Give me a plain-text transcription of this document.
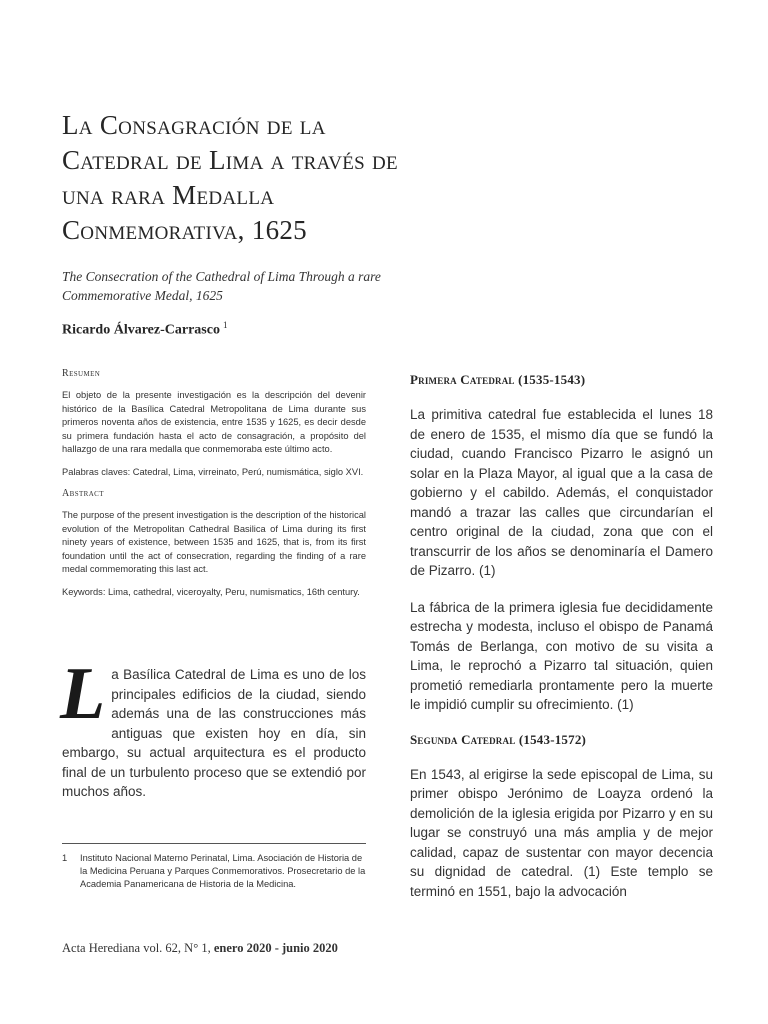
La Consagración de la Catedral de Lima a través de una rara Medalla Conmemorativa, 1625
The Consecration of the Cathedral of Lima Through a rare Commemorative Medal, 1625
Ricardo Álvarez-Carrasco $^1$
Resumen

El objeto de la presente investigación es la descripción del devenir histórico de la Basílica Catedral Metropolitana de Lima durante sus primeros noventa años de existencia, entre 1535 y 1625, es decir desde su primera fundación hasta el acto de consagración, a propósito del hallazgo de una rara medalla que conmemoraba este último acto.

Palabras claves: Catedral, Lima, virreinato, Perú, numismática, siglo XVI.

Abstract

The purpose of the present investigation is the description of the historical evolution of the Metropolitan Cathedral Basilica of Lima during its first ninety years of existence, between 1535 and 1625, that is, from its first foundation until the act of consecration, regarding the finding of a rare medal commemorating this last act.

Keywords: Lima, cathedral, viceroyalty, Peru, numismatics, 16th century.

La Basílica Catedral de Lima es uno de los principales edificios de la ciudad, siendo además una de las construcciones más antiguas que existen hoy en día, sin embargo, su actual arquitectura es el producto final de un turbulento proceso que se extendió por muchos años.

1	Instituto Nacional Materno Perinatal, Lima. Asociación de Historia de la Medicina Peruana y Parques Conmemorativos. Prosecretario de la Academia Panamericana de Historia de la Medicina.
Acta Herediana vol. 62, N° 1, enero 2020 - junio 2020
Primera Catedral (1535-1543)

La primitiva catedral fue establecida el lunes 18 de enero de 1535, el mismo día que se fundó la ciudad, cuando Francisco Pizarro le asignó un solar en la Plaza Mayor, al igual que a la casa de gobierno y el cabildo. Además, el conquistador mandó a trazar las calles que circundarían el centro original de la ciudad, zona que con el transcurrir de los años se denominaría el Damero de Pizarro. (1)

La fábrica de la primera iglesia fue decididamente estrecha y modesta, incluso el obispo de Panamá Tomás de Berlanga, con motivo de su visita a Lima, le reprochó a Pizarro tal situación, quien prometió remediarla prontamente pero la muerte le impidió cumplir su ofrecimiento. (1)

Segunda Catedral (1543-1572)

En 1543, al erigirse la sede episcopal de Lima, su primer obispo Jerónimo de Loayza ordenó la demolición de la iglesia erigida por Pizarro y en su lugar se construyó una más amplia y de mejor calidad, capaz de sustentar con mayor decencia su dignidad de catedral. (1) Este templo se terminó en 1551, bajo la advocación
